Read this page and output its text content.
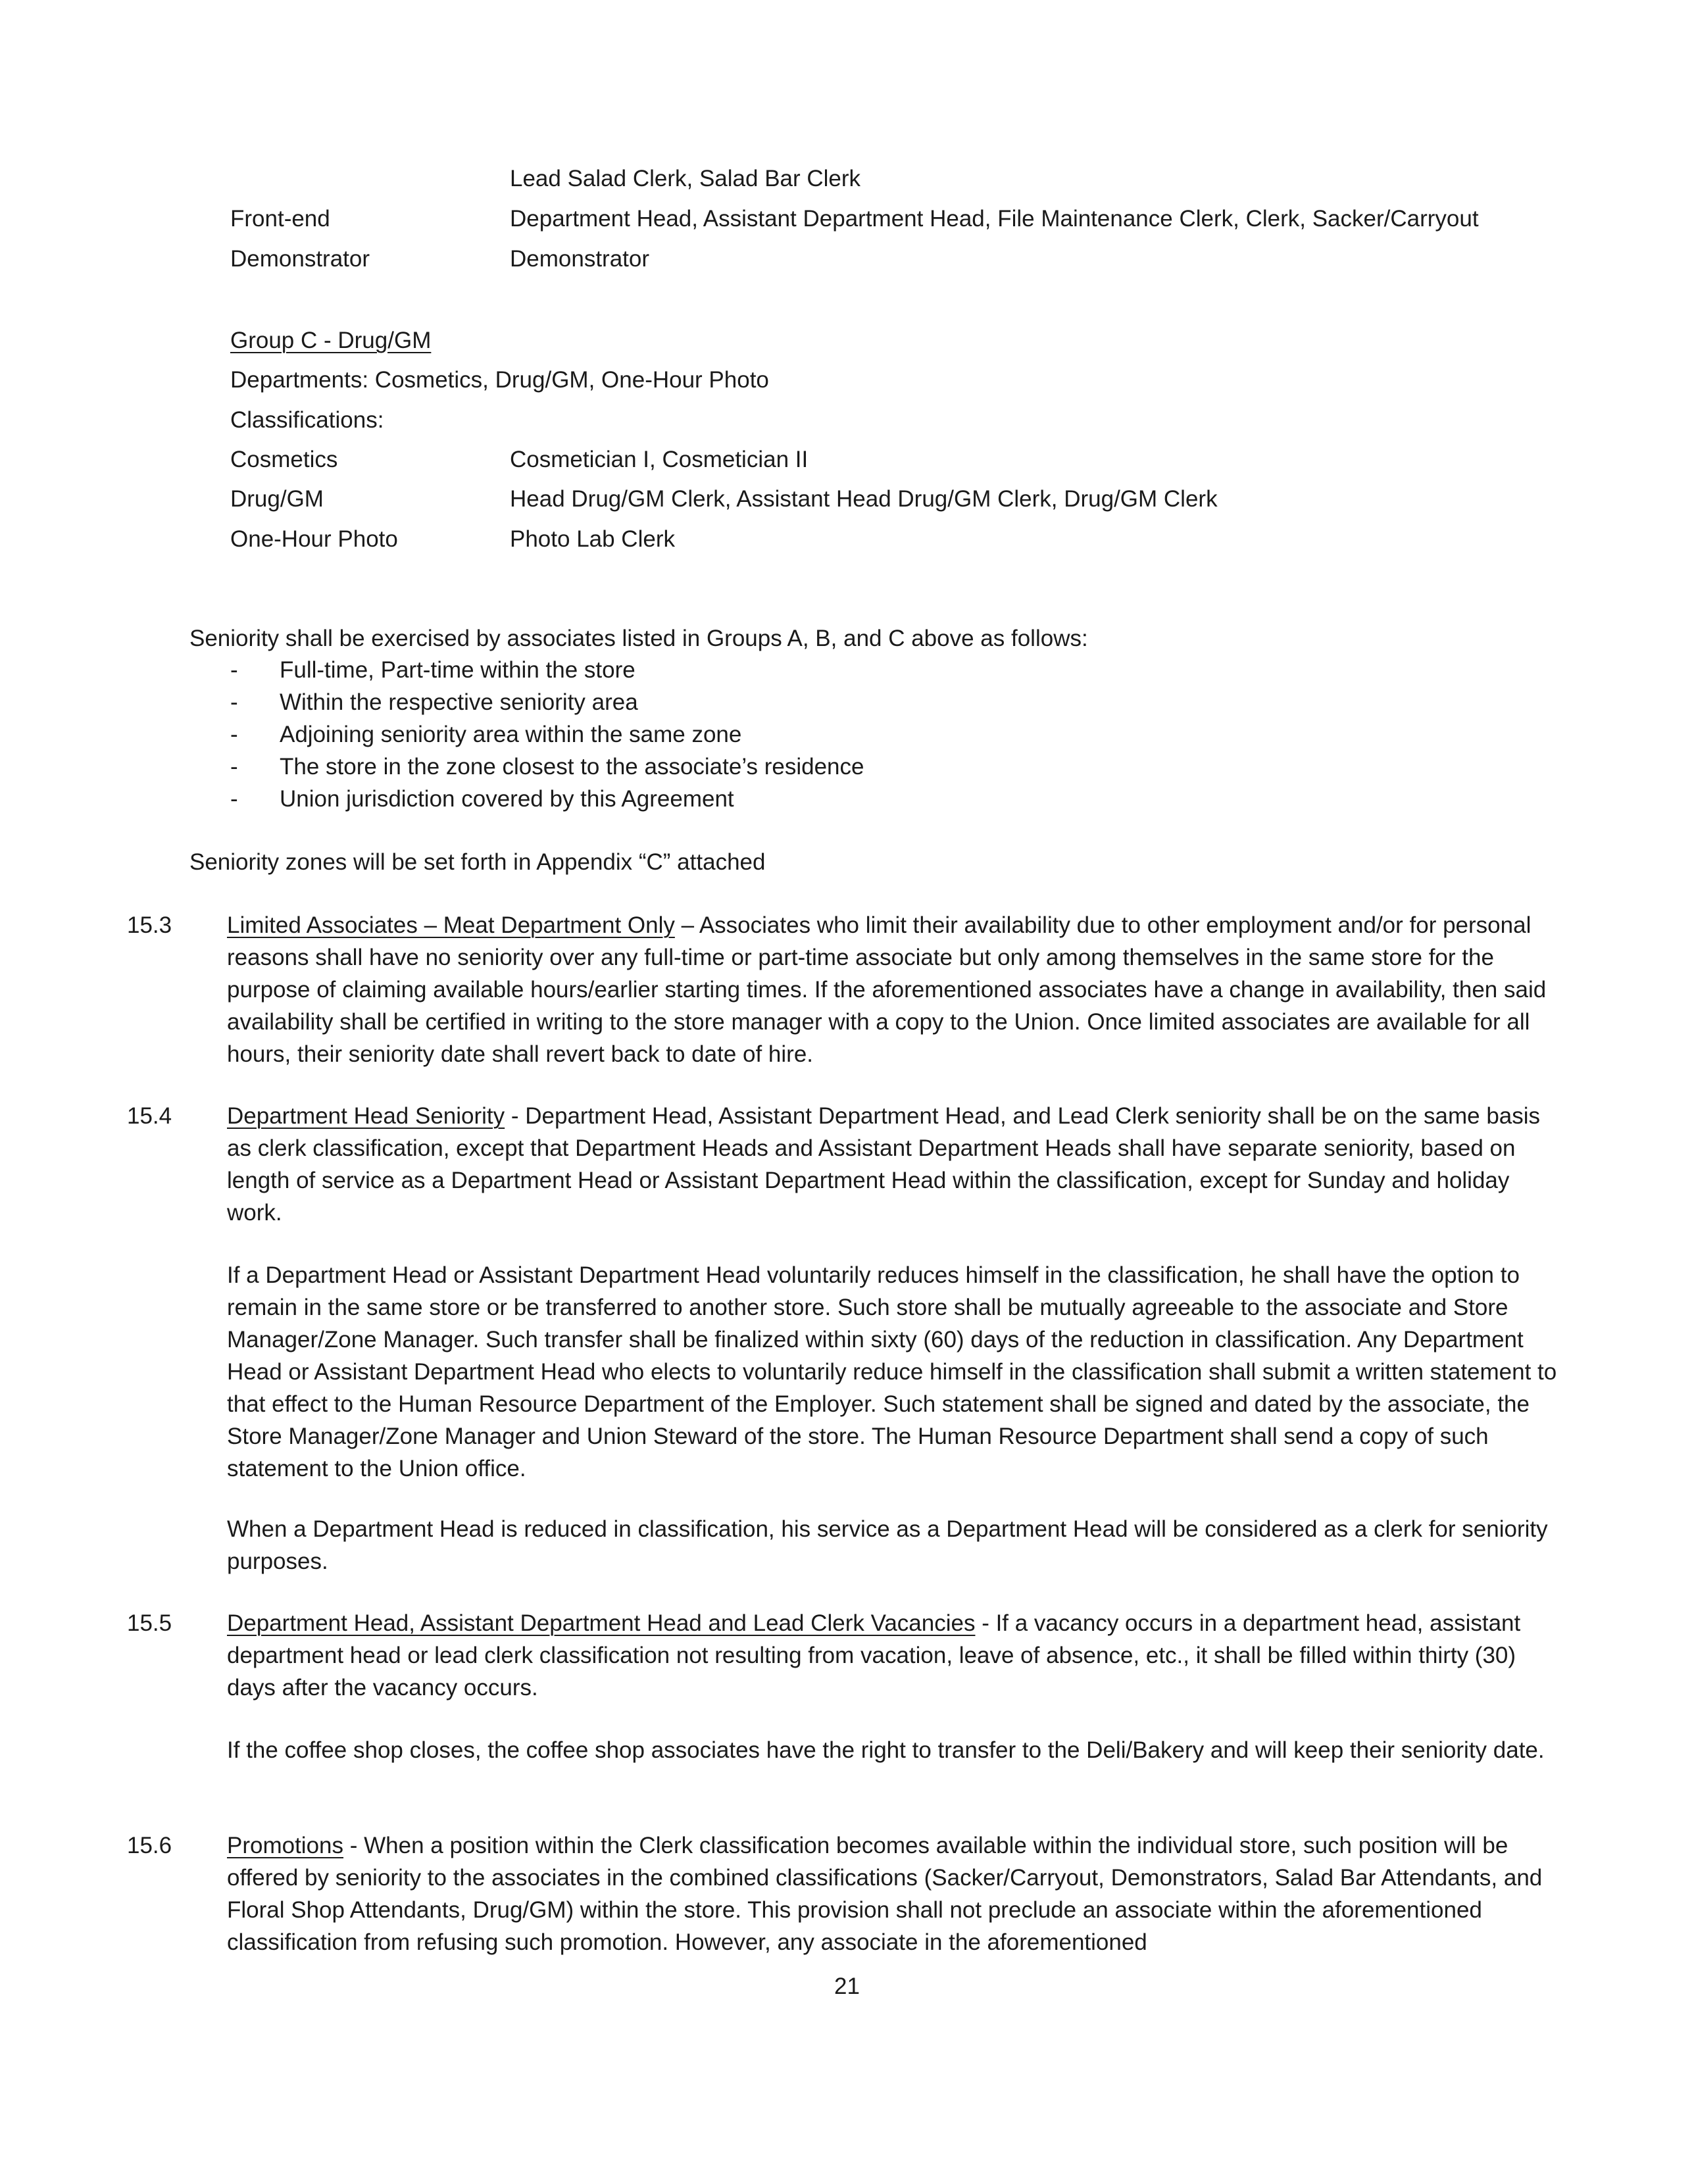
Lead Salad Clerk, Salad Bar Clerk
Front-end	Department Head, Assistant Department Head, File Maintenance Clerk, Clerk, Sacker/Carryout
Demonstrator	Demonstrator
Group C - Drug/GM
Departments: Cosmetics, Drug/GM, One-Hour Photo
Classifications:
Cosmetics	Cosmetician I, Cosmetician II
Drug/GM	Head Drug/GM Clerk, Assistant Head Drug/GM Clerk, Drug/GM Clerk
One-Hour Photo	Photo Lab Clerk
Seniority shall be exercised by associates listed in Groups A, B, and C above as follows:
- Full-time, Part-time within the store
- Within the respective seniority area
- Adjoining seniority area within the same zone
- The store in the zone closest to the associate’s residence
- Union jurisdiction covered by this Agreement
Seniority zones will be set forth in Appendix “C” attached
15.3 Limited Associates – Meat Department Only – Associates who limit their availability due to other employment and/or for personal reasons shall have no seniority over any full-time or part-time associate but only among themselves in the same store for the purpose of claiming available hours/earlier starting times. If the aforementioned associates have a change in availability, then said availability shall be certified in writing to the store manager with a copy to the Union. Once limited associates are available for all hours, their seniority date shall revert back to date of hire.

15.4 Department Head Seniority - Department Head, Assistant Department Head, and Lead Clerk seniority shall be on the same basis as clerk classification, except that Department Heads and Assistant Department Heads shall have separate seniority, based on length of service as a Department Head or Assistant Department Head within the classification, except for Sunday and holiday work.

If a Department Head or Assistant Department Head voluntarily reduces himself in the classification, he shall have the option to remain in the same store or be transferred to another store. Such store shall be mutually agreeable to the associate and Store Manager/Zone Manager. Such transfer shall be finalized within sixty (60) days of the reduction in classification. Any Department Head or Assistant Department Head who elects to voluntarily reduce himself in the classification shall submit a written statement to that effect to the Human Resource Department of the Employer. Such statement shall be signed and dated by the associate, the Store Manager/Zone Manager and Union Steward of the store. The Human Resource Department shall send a copy of such statement to the Union office.

When a Department Head is reduced in classification, his service as a Department Head will be considered as a clerk for seniority purposes.

15.5 Department Head, Assistant Department Head and Lead Clerk Vacancies - If a vacancy occurs in a department head, assistant department head or lead clerk classification not resulting from vacation, leave of absence, etc., it shall be filled within thirty (30) days after the vacancy occurs.

If the coffee shop closes, the coffee shop associates have the right to transfer to the Deli/Bakery and will keep their seniority date.

15.6 Promotions - When a position within the Clerk classification becomes available within the individual store, such position will be offered by seniority to the associates in the combined classifications (Sacker/Carryout, Demonstrators, Salad Bar Attendants, and Floral Shop Attendants, Drug/GM) within the store. This provision shall not preclude an associate within the aforementioned classification from refusing such promotion. However, any associate in the aforementioned

21
